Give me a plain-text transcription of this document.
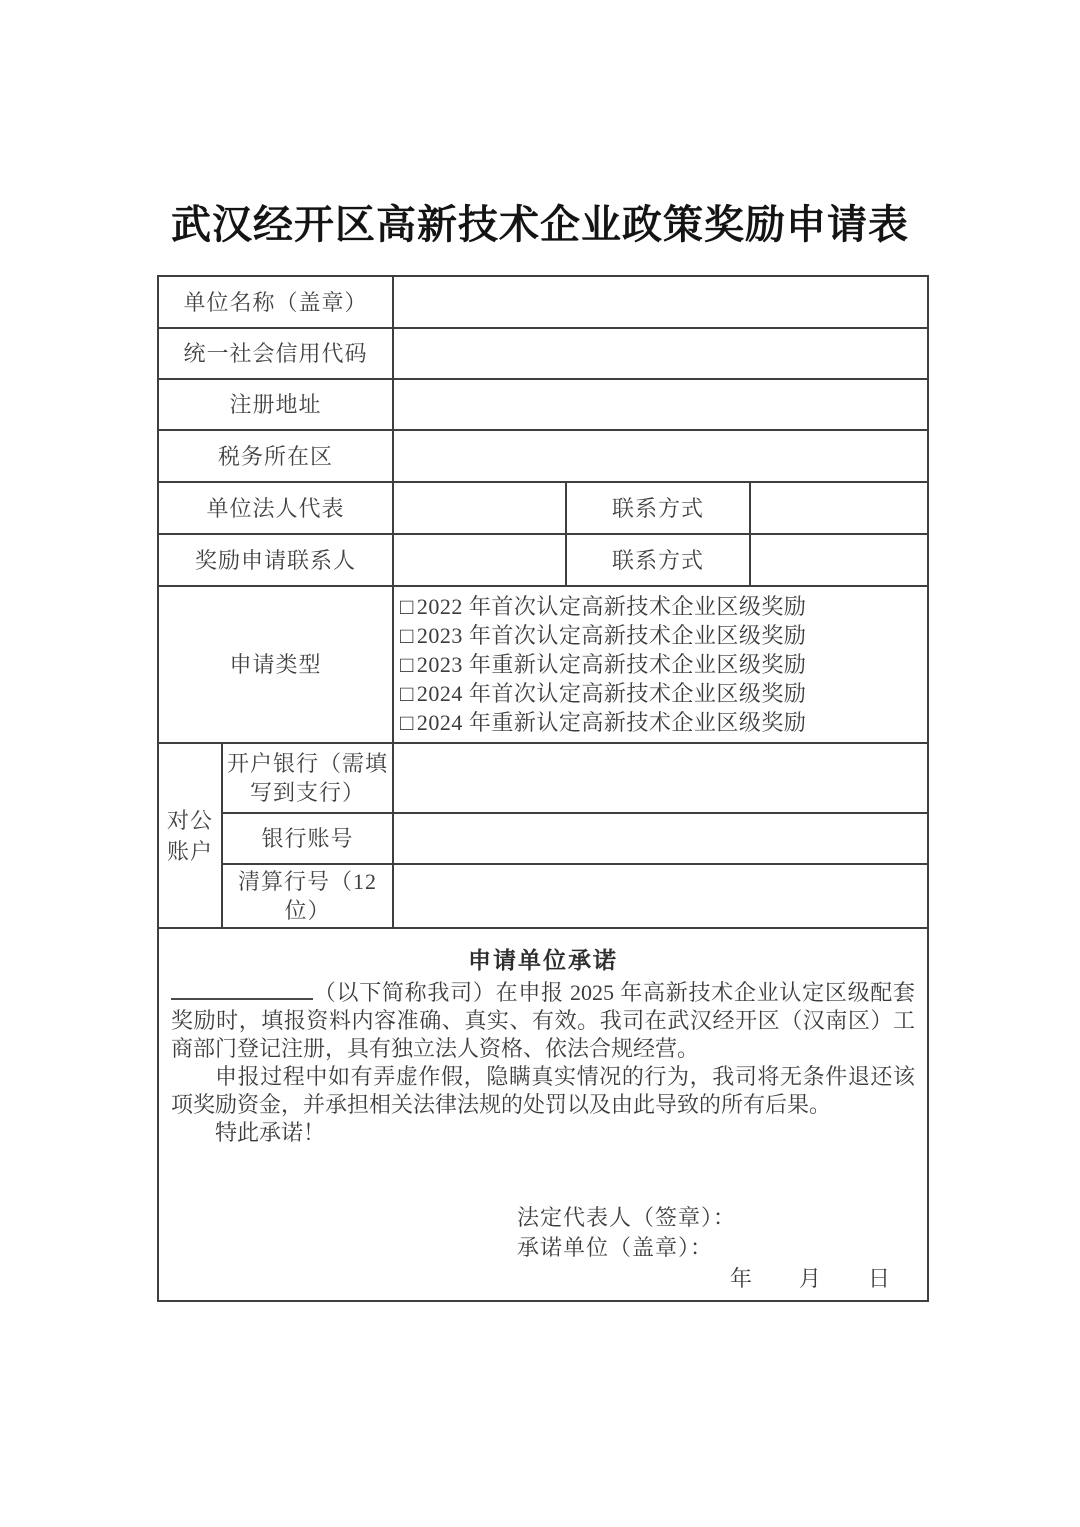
武汉经开区高新技术企业政策奖励申请表
单位名称（盖章）				
统一社会信用代码				
注册地址				
税务所在区				
单位法人代表			联系方式	
奖励申请联系人			联系方式	
申请类型		□ 2022 年首次认定高新技术企业区级奖励
□ 2023 年首次认定高新技术企业区级奖励
□ 2023 年重新认定高新技术企业区级奖励
□ 2024 年首次认定高新技术企业区级奖励
□ 2024 年重新认定高新技术企业区级奖励		

对公账户	开户银行（需填写到支行）			
	银行账号			
	清算行号（12位）			

申请单位承诺

（以下简称我司）在申报 2025 年高新技术企业认定区级配套奖励时，填报资料内容准确、真实、有效。我司在武汉经开区（汉南区）工商部门登记注册，具有独立法人资格、依法合规经营。

申报过程中如有弄虚作假，隐瞒真实情况的行为，我司将无条件退还该项奖励资金，并承担相关法律法规的处罚以及由此导致的所有后果。

特此承诺！

法定代表人（签章）：
承诺单位（盖章）：
年　　月　　日
